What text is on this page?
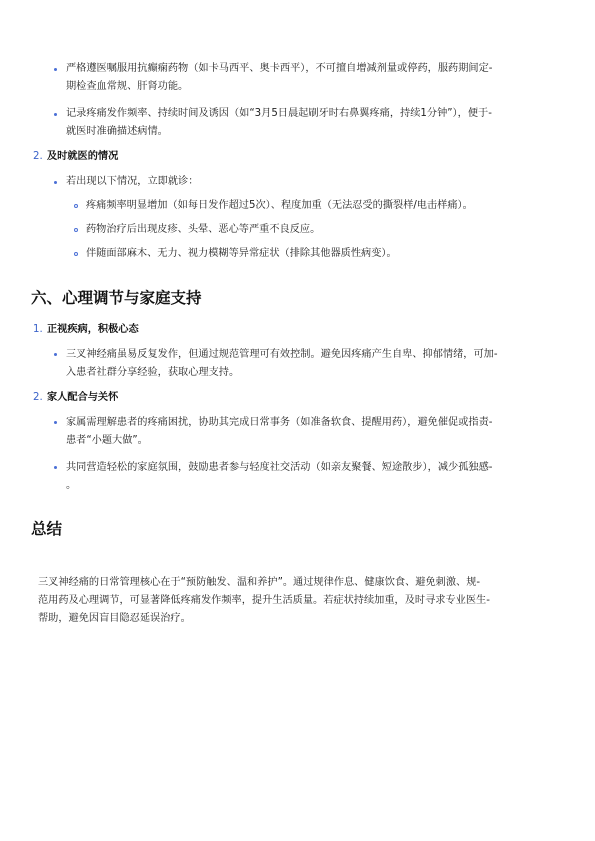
严格遵医嘱服用抗癫痫药物（如卡马西平、奥卡西平），不可擅自增减剂量或停药，服药期间定-
期检查血常规、肝肾功能。
记录疼痛发作频率、持续时间及诱因（如“3月5日晨起刷牙时右鼻翼疼痛，持续1分钟”），便于-
就医时准确描述病情。
2. 及时就医的情况
若出现以下情况，立即就诊：
疼痛频率明显增加（如每日发作超过5次）、程度加重（无法忍受的撕裂样/电击样痛）。
药物治疗后出现皮疹、头晕、恶心等严重不良反应。
伴随面部麻木、无力、视力模糊等异常症状（排除其他器质性病变）。
六、心理调节与家庭支持
1. 正视疾病，积极心态
三叉神经痛虽易反复发作，但通过规范管理可有效控制。避免因疼痛产生自卑、抑郁情绪，可加-
入患者社群分享经验，获取心理支持。
2. 家人配合与关怀
家属需理解患者的疼痛困扰，协助其完成日常事务（如准备软食、提醒用药），避免催促或指责-
患者“小题大做”。
共同营造轻松的家庭氛围，鼓励患者参与轻度社交活动（如亲友聚餐、短途散步），减少孤独感-
。
总结
三叉神经痛的日常管理核心在于“预防触发、温和养护”。通过规律作息、健康饮食、避免刺激、规-
范用药及心理调节，可显著降低疼痛发作频率，提升生活质量。若症状持续加重，及时寻求专业医生-
帮助，避免因盲目隐忍延误治疗。
